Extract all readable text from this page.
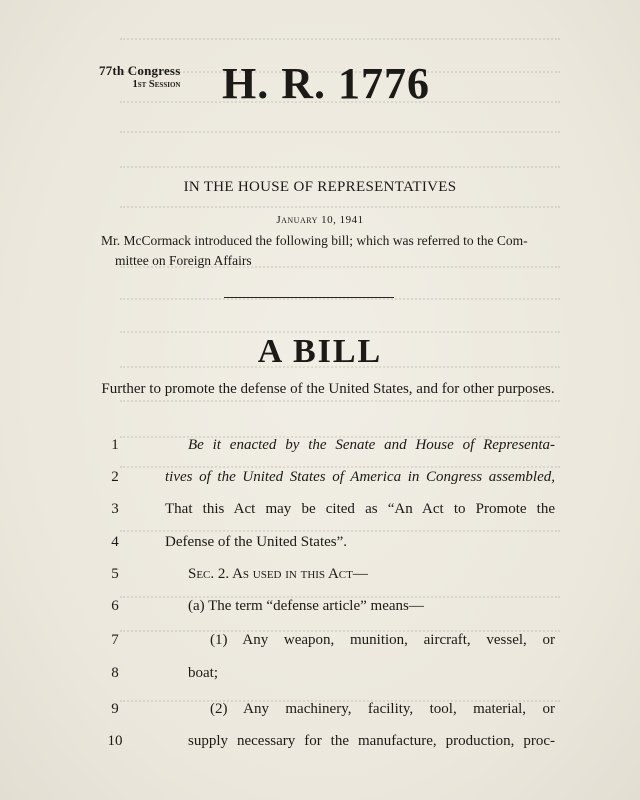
77th Congress
1st Session H. R. 1776
IN THE HOUSE OF REPRESENTATIVES
January 10, 1941
Mr. McCormack introduced the following bill; which was referred to the Com-
mittee on Foreign Affairs
A BILL
Further to promote the defense of the United States, and for other purposes.
1	Be it enacted by the Senate and House of Representa-
2	tives of the United States of America in Congress assembled,
3	That this Act may be cited as “An Act to Promote the
4	Defense of the United States”.
5	Sec. 2. As used in this Act—
6	(a) The term “defense article” means—
7	(1) Any weapon, munition, aircraft, vessel, or
8	boat;
9	(2) Any machinery, facility, tool, material, or
10	supply necessary for the manufacture, production, proc-
